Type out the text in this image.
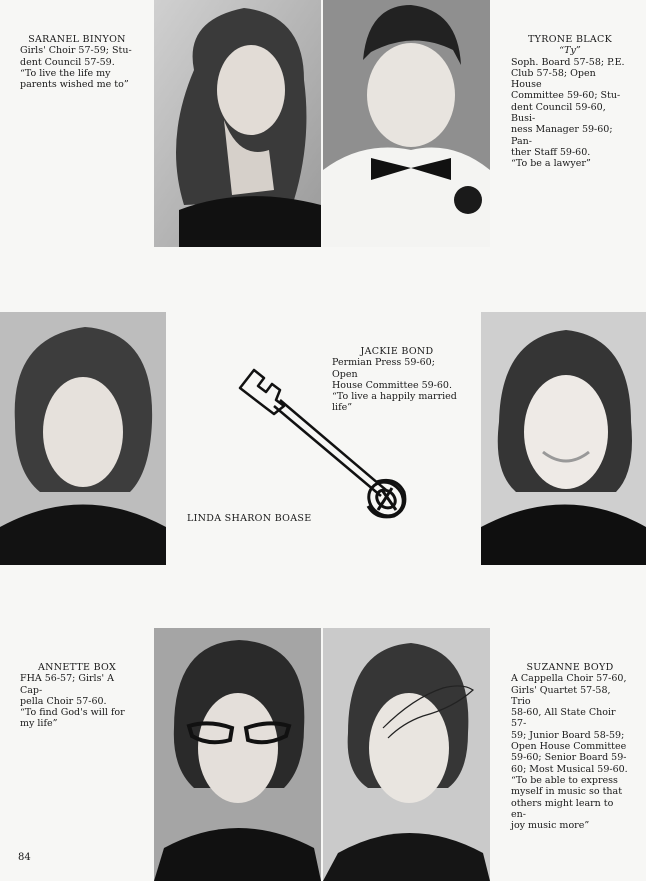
SARANEL BINYON
Girls' Choir 57-59; Stu-
dent Council 57-59.
“To live the life my
parents wished me to”
TYRONE BLACK
“Ty”
Soph. Board 57-58; P.E.
Club 57-58; Open House
Committee 59-60; Stu-
dent Council 59-60, Busi-
ness Manager 59-60; Pan-
ther Staff 59-60.
“To be a lawyer”
JACKIE BOND
Permian Press 59-60; Open
House Committee 59-60.
“To live a happily married
life”
LINDA SHARON BOASE
ANNETTE BOX
FHA 56-57; Girls' A Cap-
pella Choir 57-60.
“To find God's will for
my life”
SUZANNE BOYD
A Cappella Choir 57-60,
Girls' Quartet 57-58, Trio
58-60, All State Choir 57-
59; Junior Board 58-59;
Open House Committee
59-60; Senior Board 59-
60; Most Musical 59-60.
“To be able to express
myself in music so that
others might learn to en-
joy music more”
84
